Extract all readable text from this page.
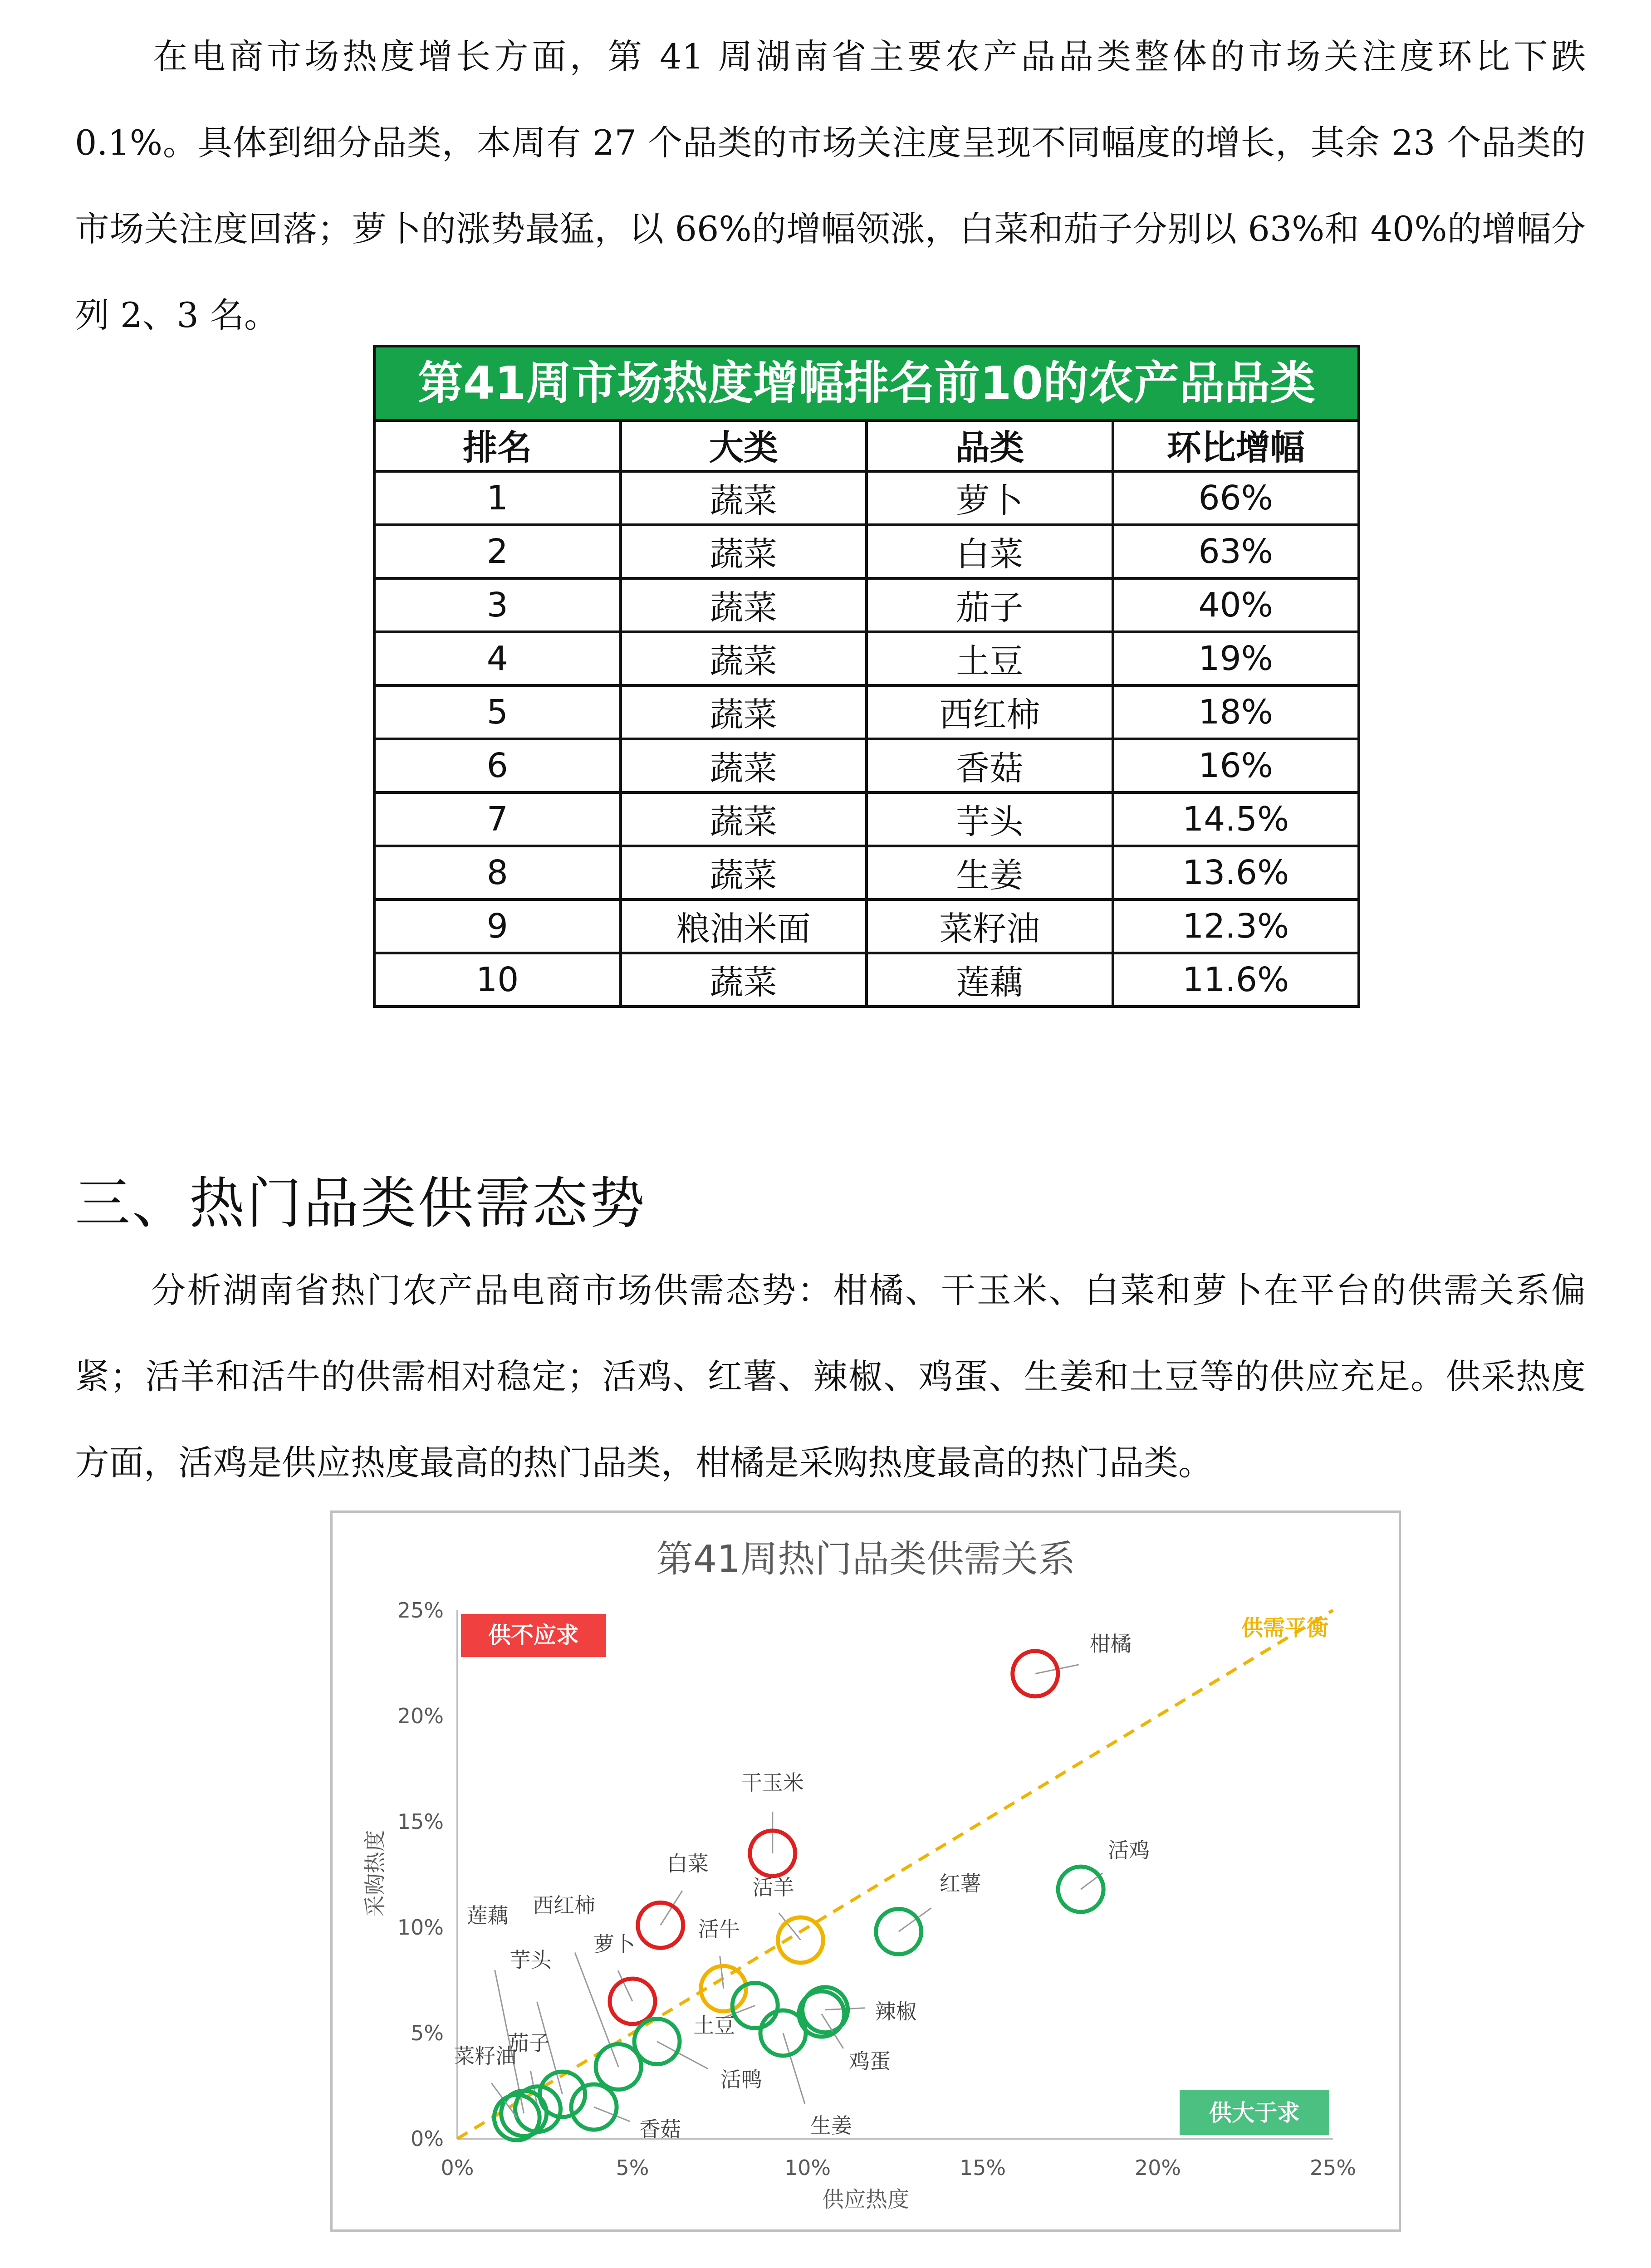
在电商市场热度增长方面，第 41 周湖南省主要农产品品类整体的市场关注度环比下跌 0.1%。具体到细分品类，本周有 27 个品类的市场关注度呈现不同幅度的增长，其余 23 个品类的市场关注度回落；萝卜的涨势最猛，以 66%的增幅领涨，白菜和茄子分别以 63%和 40%的增幅分列 2、3 名。

第41周市场热度增幅排名前10的农产品品类
排名	大类	品类	环比增幅
1	蔬菜	萝卜	66%
2	蔬菜	白菜	63%
3	蔬菜	茄子	40%
4	蔬菜	土豆	19%
5	蔬菜	西红柿	18%
6	蔬菜	香菇	16%
7	蔬菜	芋头	14.5%
8	蔬菜	生姜	13.6%
9	粮油米面	菜籽油	12.3%
10	蔬菜	莲藕	11.6%
三、热门品类供需态势

分析湖南省热门农产品电商市场供需态势：柑橘、干玉米、白菜和萝卜在平台的供需关系偏紧；活羊和活牛的供需相对稳定；活鸡、红薯、辣椒、鸡蛋、生姜和土豆等的供应充足。供采热度方面，活鸡是供应热度最高的热门品类，柑橘是采购热度最高的热门品类。

第41周热门品类供需关系
0%
5%
10%
15%
20%
25%
0%	5%	10%	15%	20%	25%
供应热度
采购热度
供需平衡
供不应求
供大于求
柑橘
干玉米
白菜
萝卜
活羊
活牛
活鸡
红薯
辣椒
鸡蛋
生姜
土豆
活鸭
西红柿
香菇
芋头
茄子
莲藕
菜籽油
